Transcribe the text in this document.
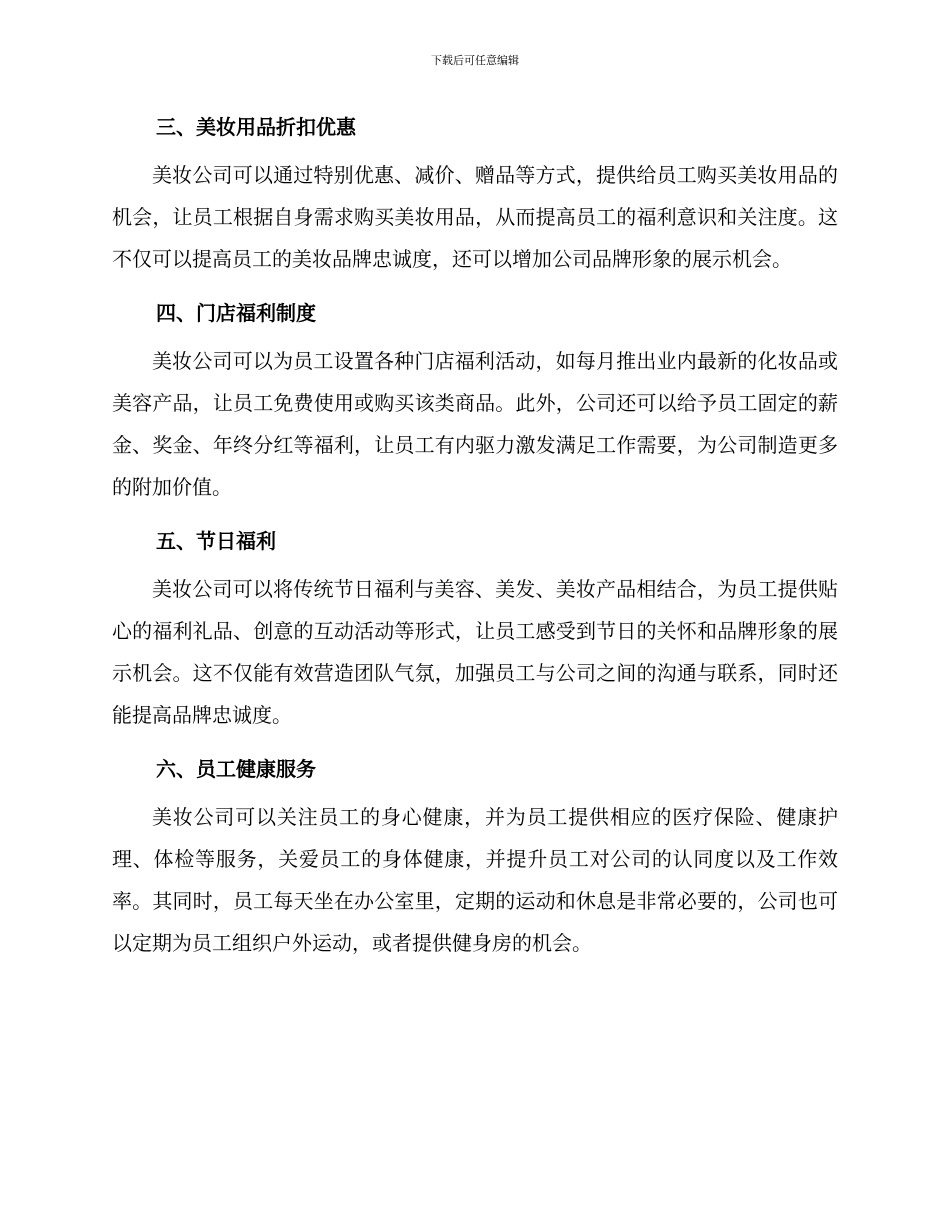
下载后可任意编辑
三、美妆用品折扣优惠

美妆公司可以通过特别优惠、减价、赠品等方式，提供给员工购买美妆用品的机会，让员工根据自身需求购买美妆用品，从而提高员工的福利意识和关注度。这不仅可以提高员工的美妆品牌忠诚度，还可以增加公司品牌形象的展示机会。

四、门店福利制度

美妆公司可以为员工设置各种门店福利活动，如每月推出业内最新的化妆品或美容产品，让员工免费使用或购买该类商品。此外，公司还可以给予员工固定的薪金、奖金、年终分红等福利，让员工有内驱力激发满足工作需要，为公司制造更多的附加价值。

五、节日福利

美妆公司可以将传统节日福利与美容、美发、美妆产品相结合，为员工提供贴心的福利礼品、创意的互动活动等形式，让员工感受到节日的关怀和品牌形象的展示机会。这不仅能有效营造团队气氛，加强员工与公司之间的沟通与联系，同时还能提高品牌忠诚度。

六、员工健康服务

美妆公司可以关注员工的身心健康，并为员工提供相应的医疗保险、健康护理、体检等服务，关爱员工的身体健康，并提升员工对公司的认同度以及工作效率。其同时，员工每天坐在办公室里，定期的运动和休息是非常必要的，公司也可以定期为员工组织户外运动，或者提供健身房的机会。
